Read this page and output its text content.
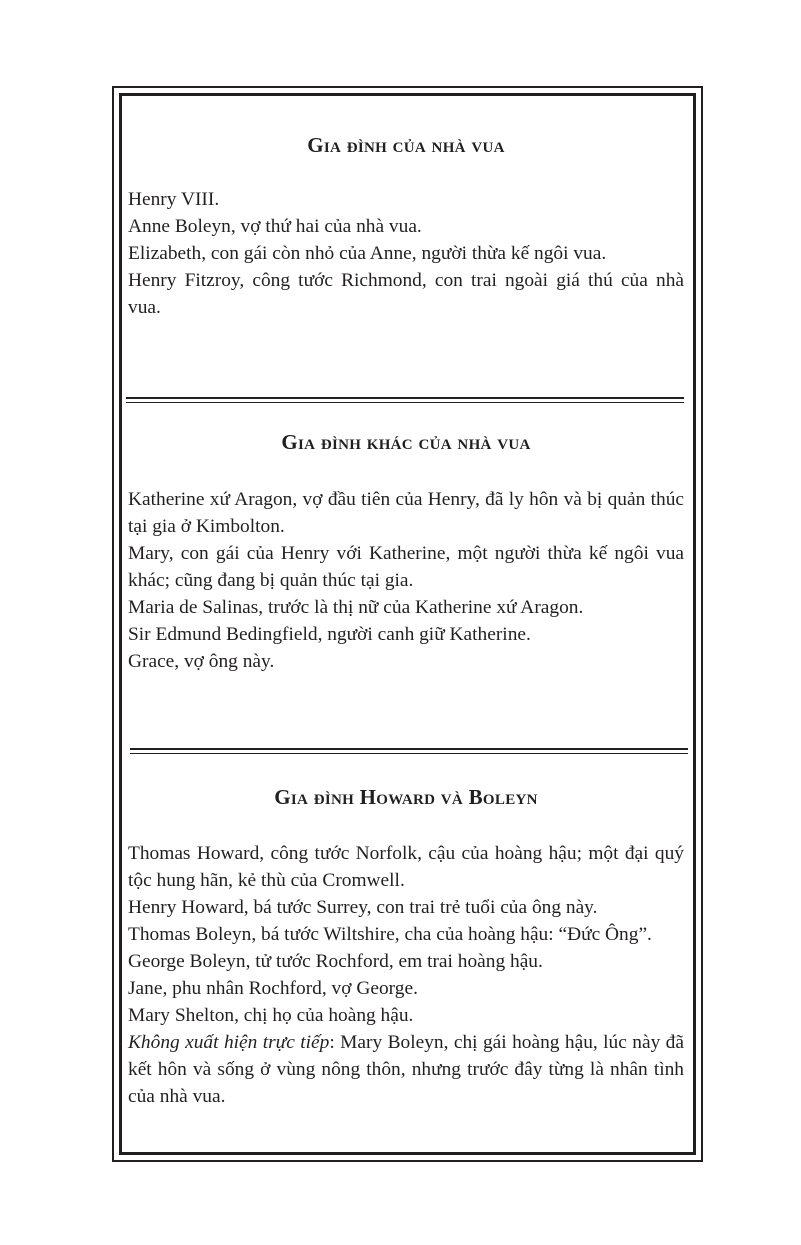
Gia đình của nhà vua

Henry VIII.

Anne Boleyn, vợ thứ hai của nhà vua.

Elizabeth, con gái còn nhỏ của Anne, người thừa kế ngôi vua.

Henry Fitzroy, công tước Richmond, con trai ngoài giá thú của nhà vua.

Gia đình khác của nhà vua

Katherine xứ Aragon, vợ đầu tiên của Henry, đã ly hôn và bị quản thúc tại gia ở Kimbolton.

Mary, con gái của Henry với Katherine, một người thừa kế ngôi vua khác; cũng đang bị quản thúc tại gia.

Maria de Salinas, trước là thị nữ của Katherine xứ Aragon.

Sir Edmund Bedingfield, người canh giữ Katherine.

Grace, vợ ông này.

Gia đình Howard và Boleyn

Thomas Howard, công tước Norfolk, cậu của hoàng hậu; một đại quý tộc hung hãn, kẻ thù của Cromwell.

Henry Howard, bá tước Surrey, con trai trẻ tuổi của ông này.

Thomas Boleyn, bá tước Wiltshire, cha của hoàng hậu: “Đức Ông”.

George Boleyn, tử tước Rochford, em trai hoàng hậu.

Jane, phu nhân Rochford, vợ George.

Mary Shelton, chị họ của hoàng hậu.

Không xuất hiện trực tiếp: Mary Boleyn, chị gái hoàng hậu, lúc này đã kết hôn và sống ở vùng nông thôn, nhưng trước đây từng là nhân tình của nhà vua.
